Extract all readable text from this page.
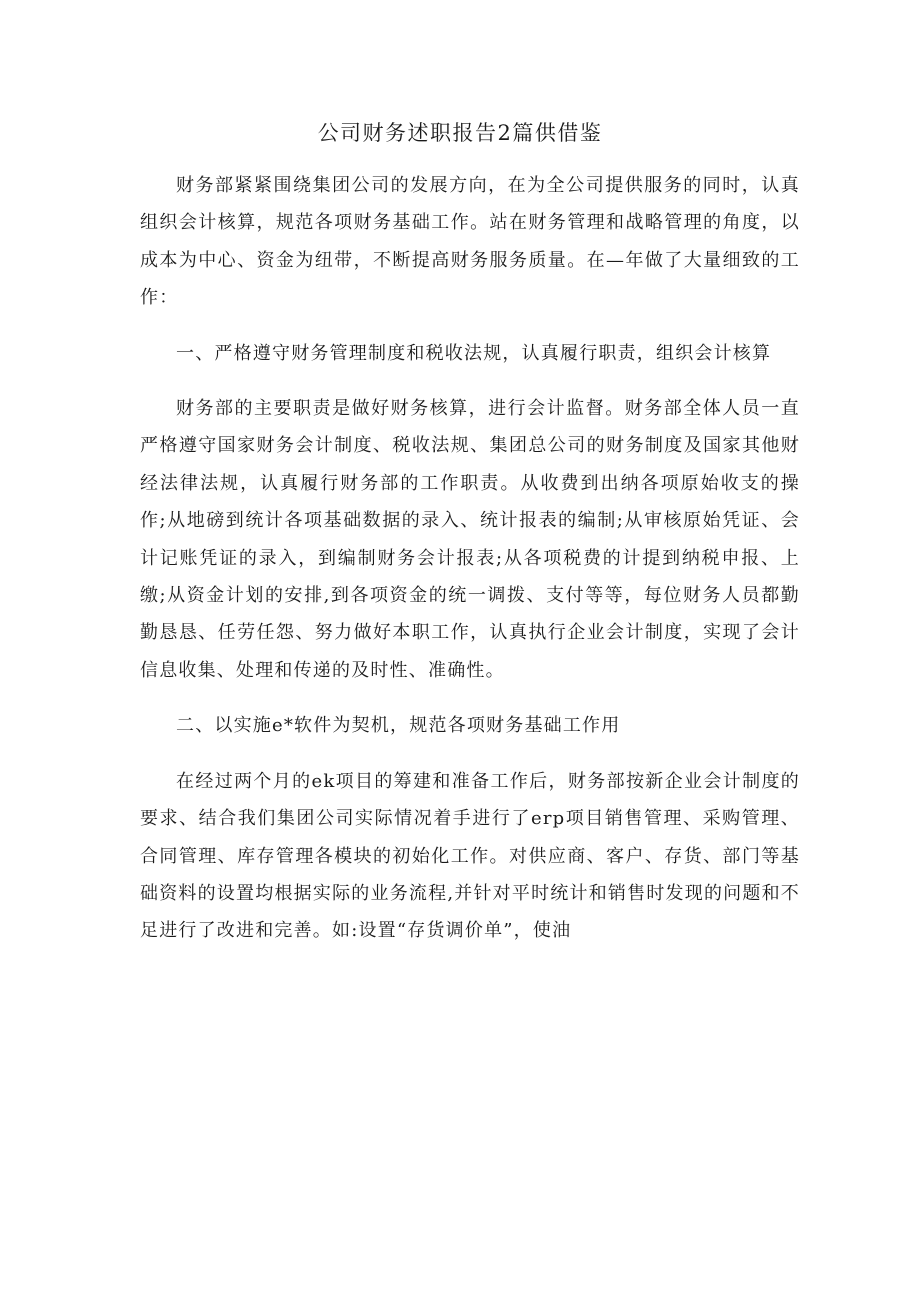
公司财务述职报告2篇供借鉴

财务部紧紧围绕集团公司的发展方向，在为全公司提供服务的同时，认真组织会计核算，规范各项财务基础工作。站在财务管理和战略管理的角度，以成本为中心、资金为纽带，不断提高财务服务质量。在—年做了大量细致的工作：

一、严格遵守财务管理制度和税收法规，认真履行职责，组织会计核算

财务部的主要职责是做好财务核算，进行会计监督。财务部全体人员一直严格遵守国家财务会计制度、税收法规、集团总公司的财务制度及国家其他财经法律法规，认真履行财务部的工作职责。从收费到出纳各项原始收支的操作;从地磅到统计各项基础数据的录入、统计报表的编制;从审核原始凭证、会计记账凭证的录入，到编制财务会计报表;从各项税费的计提到纳税申报、上缴;从资金计划的安排,到各项资金的统一调拨、支付等等，每位财务人员都勤勤恳恳、任劳任怨、努力做好本职工作，认真执行企业会计制度，实现了会计信息收集、处理和传递的及时性、准确性。

二、以实施e*软件为契机，规范各项财务基础工作用

在经过两个月的ek项目的筹建和准备工作后，财务部按新企业会计制度的要求、结合我们集团公司实际情况着手进行了erp项目销售管理、采购管理、合同管理、库存管理各模块的初始化工作。对供应商、客户、存货、部门等基础资料的设置均根据实际的业务流程,并针对平时统计和销售时发现的问题和不足进行了改进和完善。如:设置“存货调价单”，使油
